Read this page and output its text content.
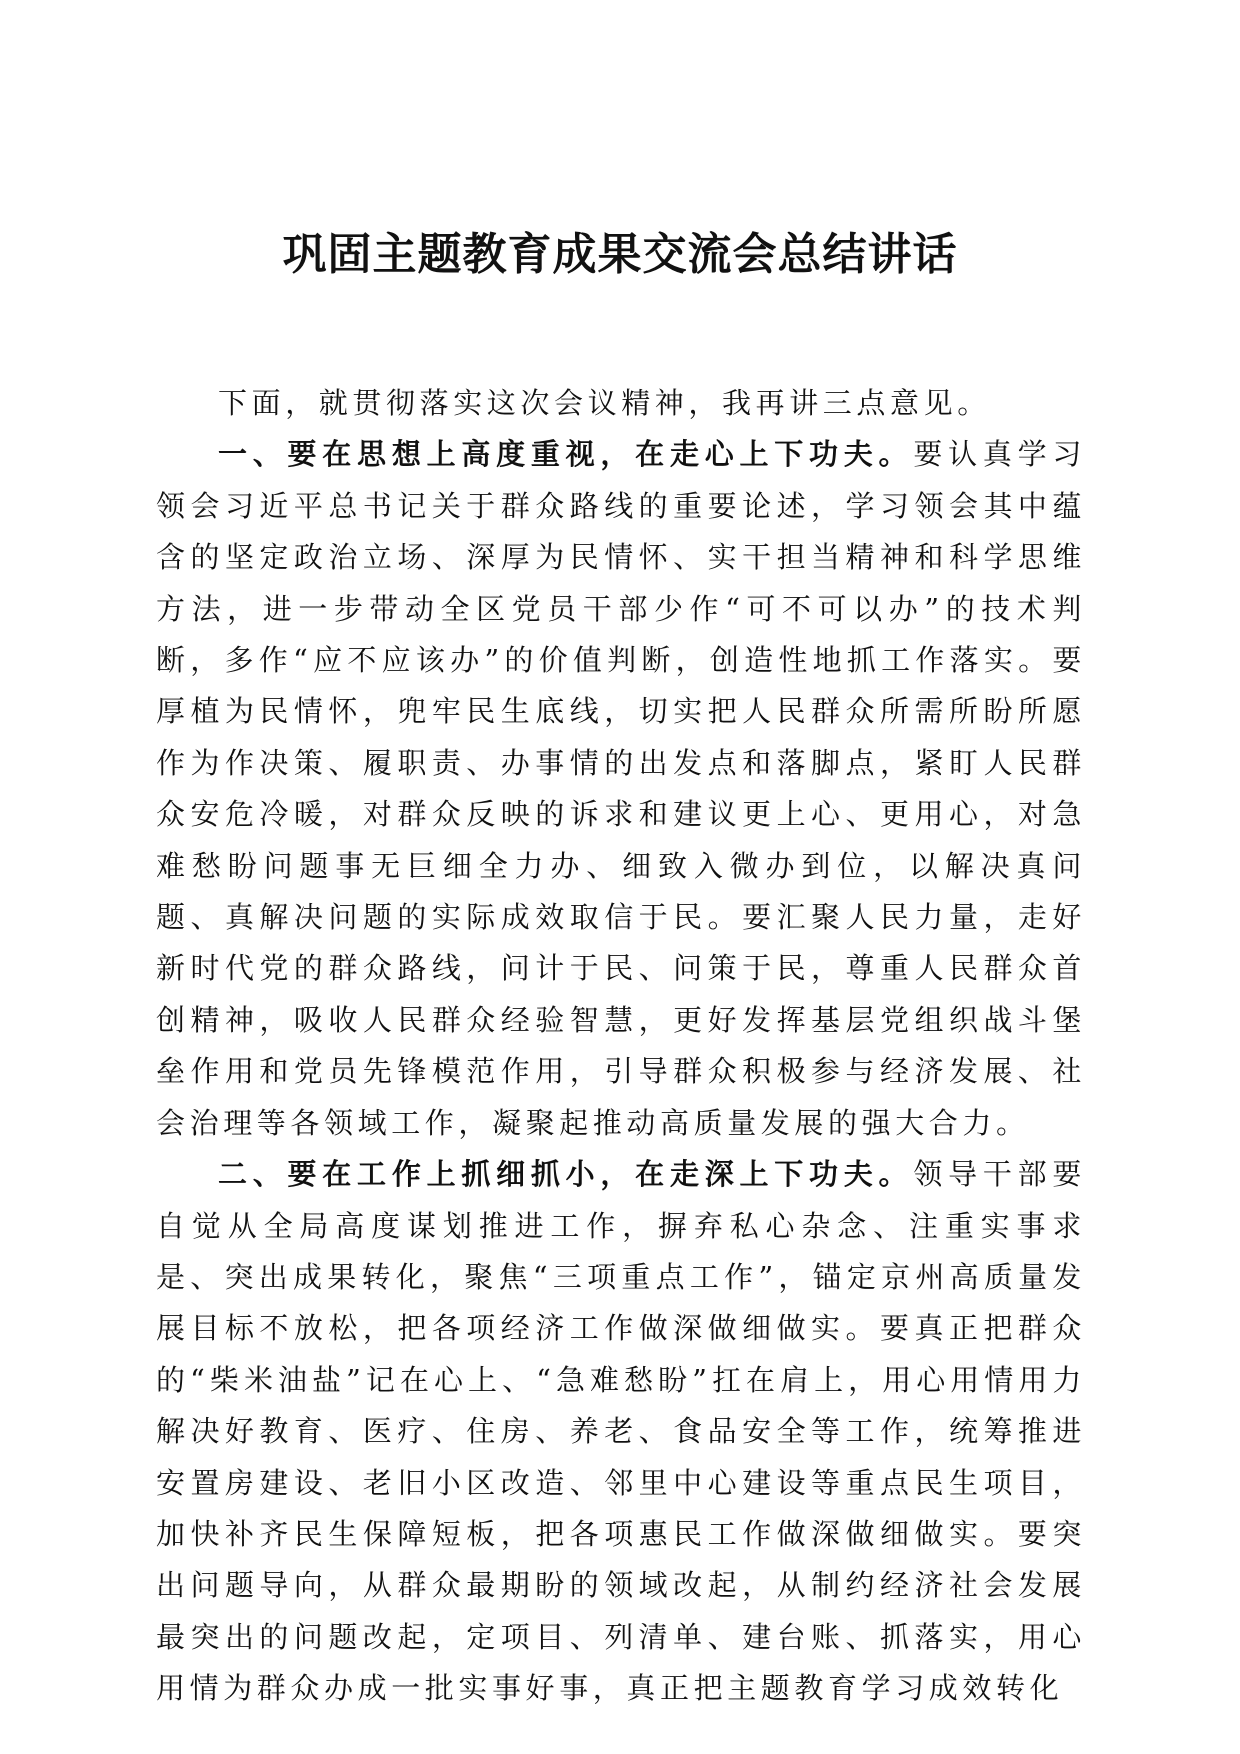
巩固主题教育成果交流会总结讲话

下面，就贯彻落实这次会议精神，我再讲三点意见。

一、要在思想上高度重视，在走心上下功夫。要认真学习领会习近平总书记关于群众路线的重要论述，学习领会其中蕴含的坚定政治立场、深厚为民情怀、实干担当精神和科学思维方法，进一步带动全区党员干部少作“可不可以办”的技术判断，多作“应不应该办”的价值判断，创造性地抓工作落实。要厚植为民情怀，兜牢民生底线，切实把人民群众所需所盼所愿作为作决策、履职责、办事情的出发点和落脚点，紧盯人民群众安危冷暖，对群众反映的诉求和建议更上心、更用心，对急难愁盼问题事无巨细全力办、细致入微办到位，以解决真问题、真解决问题的实际成效取信于民。要汇聚人民力量，走好新时代党的群众路线，问计于民、问策于民，尊重人民群众首创精神，吸收人民群众经验智慧，更好发挥基层党组织战斗堡垒作用和党员先锋模范作用，引导群众积极参与经济发展、社会治理等各领域工作，凝聚起推动高质量发展的强大合力。

二、要在工作上抓细抓小，在走深上下功夫。领导干部要自觉从全局高度谋划推进工作，摒弃私心杂念、注重实事求是、突出成果转化，聚焦“三项重点工作”，锚定京州高质量发展目标不放松，把各项经济工作做深做细做实。要真正把群众的“柴米油盐”记在心上、“急难愁盼”扛在肩上，用心用情用力解决好教育、医疗、住房、养老、食品安全等工作，统筹推进安置房建设、老旧小区改造、邻里中心建设等重点民生项目，加快补齐民生保障短板，把各项惠民工作做深做细做实。要突出问题导向，从群众最期盼的领域改起，从制约经济社会发展最突出的问题改起，定项目、列清单、建台账、抓落实，用心用情为群众办成一批实事好事，真正把主题教育学习成效转化
